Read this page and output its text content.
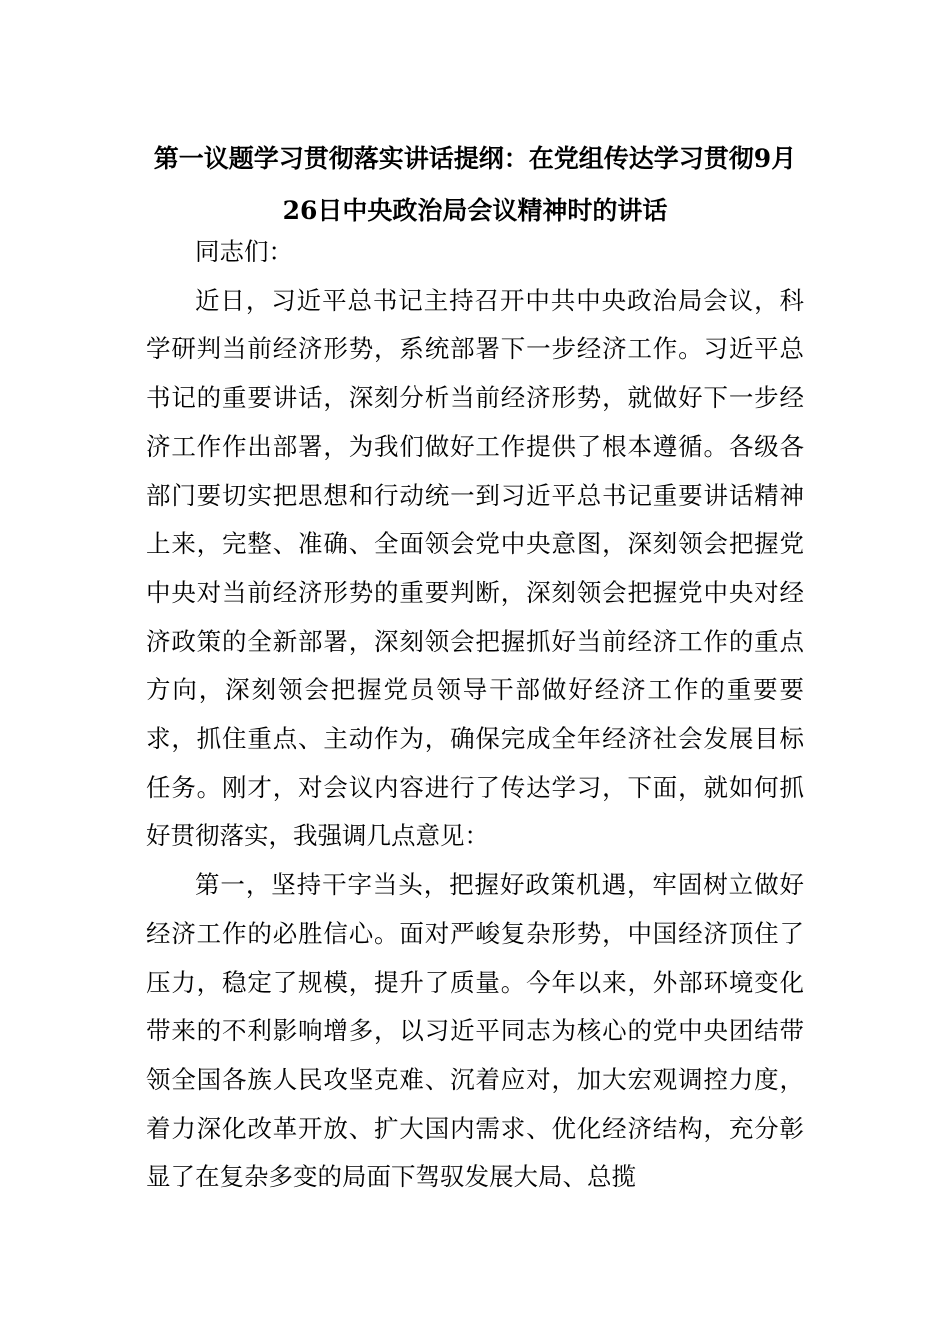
第一议题学习贯彻落实讲话提纲：在党组传达学习贯彻9月26日中央政治局会议精神时的讲话

同志们：

近日，习近平总书记主持召开中共中央政治局会议，科学研判当前经济形势，系统部署下一步经济工作。习近平总书记的重要讲话，深刻分析当前经济形势，就做好下一步经济工作作出部署，为我们做好工作提供了根本遵循。各级各部门要切实把思想和行动统一到习近平总书记重要讲话精神上来，完整、准确、全面领会党中央意图，深刻领会把握党中央对当前经济形势的重要判断，深刻领会把握党中央对经济政策的全新部署，深刻领会把握抓好当前经济工作的重点方向，深刻领会把握党员领导干部做好经济工作的重要要求，抓住重点、主动作为，确保完成全年经济社会发展目标任务。刚才，对会议内容进行了传达学习，下面，就如何抓好贯彻落实，我强调几点意见：

第一，坚持干字当头，把握好政策机遇，牢固树立做好经济工作的必胜信心。面对严峻复杂形势，中国经济顶住了压力，稳定了规模，提升了质量。今年以来，外部环境变化带来的不利影响增多，以习近平同志为核心的党中央团结带领全国各族人民攻坚克难、沉着应对，加大宏观调控力度，着力深化改革开放、扩大国内需求、优化经济结构，充分彰显了在复杂多变的局面下驾驭发展大局、总揽
